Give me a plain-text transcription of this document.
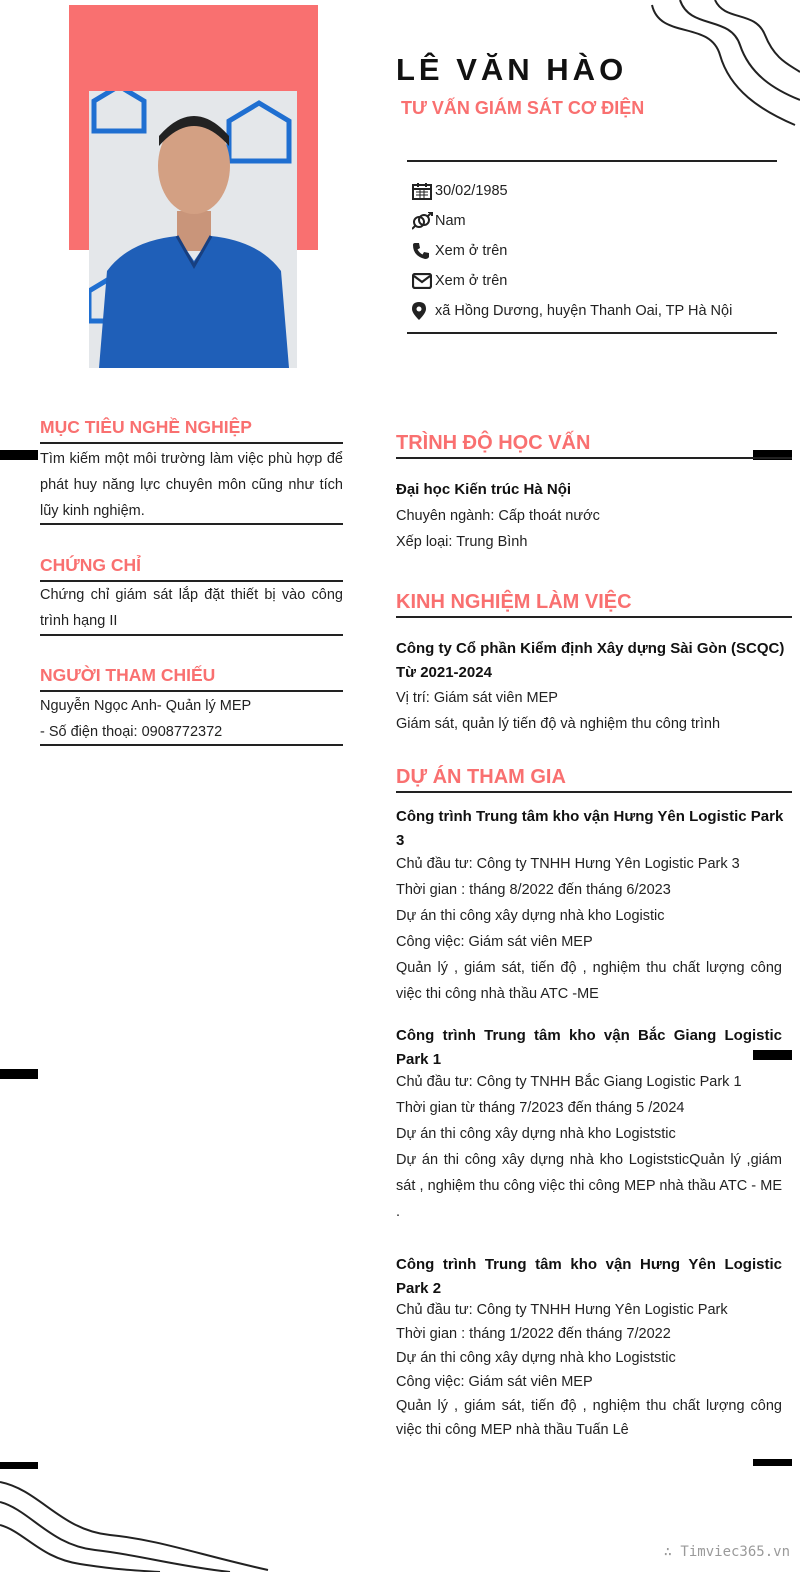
LÊ VĂN HÀO
TƯ VẤN GIÁM SÁT CƠ ĐIỆN
30/02/1985
Nam
Xem ở trên
Xem ở trên
xã Hồng Dương, huyện Thanh Oai, TP Hà Nội
MỤC TIÊU NGHỀ NGHIỆP
Tìm kiếm một môi trường làm việc phù hợp để phát huy năng lực chuyên môn cũng như tích lũy kinh nghiệm.
CHỨNG CHỈ
Chứng chỉ giám sát lắp đặt thiết bị vào công trình hạng II
NGƯỜI THAM CHIẾU
Nguyễn Ngọc Anh- Quản lý MEP
- Số điện thoại: 0908772372
TRÌNH ĐỘ HỌC VẤN
Đại học Kiến trúc Hà Nội
Chuyên ngành: Cấp thoát nước
Xếp loại: Trung Bình
KINH NGHIỆM LÀM VIỆC
Công ty Cổ phần Kiểm định Xây dựng Sài Gòn (SCQC)
Từ 2021-2024
Vị trí: Giám sát viên MEP
Giám sát, quản lý tiến độ và nghiệm thu công trình
DỰ ÁN THAM GIA
Công trình Trung tâm kho vận Hưng Yên Logistic Park 3
Chủ đầu tư: Công ty TNHH Hưng Yên Logistic Park 3
Thời gian : tháng 8/2022 đến tháng 6/2023
Dự án thi công xây dựng nhà kho Logistic
Công việc: Giám sát viên MEP
Quản lý , giám sát, tiến độ , nghiệm thu chất lượng công việc thi công nhà thầu ATC -ME
Công trình Trung tâm kho vận Bắc Giang Logistic Park 1
Chủ đầu tư: Công ty TNHH Bắc Giang Logistic Park 1
Thời gian từ tháng 7/2023 đến tháng 5 /2024
Dự án thi công xây dựng nhà kho Logiststic
Dự án thi công xây dựng nhà kho LogiststicQuản lý ,giám sát , nghiệm thu công việc thi công MEP nhà thầu ATC - ME .
Công trình Trung tâm kho vận Hưng Yên Logistic Park 2
Chủ đầu tư: Công ty TNHH Hưng Yên Logistic Park
Thời gian : tháng 1/2022 đến tháng 7/2022
Dự án thi công xây dựng nhà kho Logiststic
Công việc: Giám sát viên MEP
Quản lý , giám sát, tiến độ , nghiệm thu chất lượng công việc thi công MEP nhà thầu Tuấn Lê
∴ Timviec365.vn
